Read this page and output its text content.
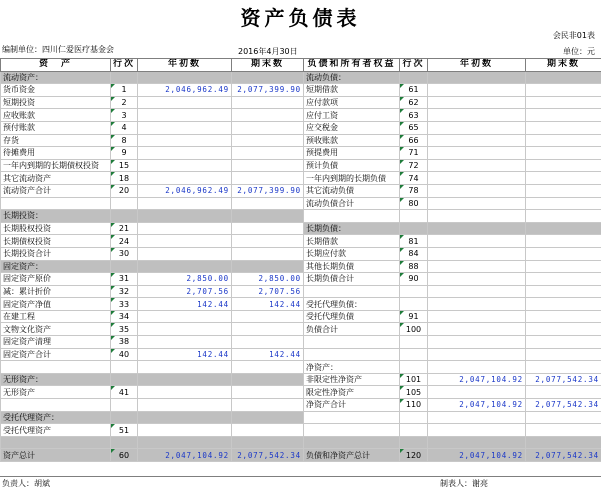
资产负债表
会民非01表
编制单位：四川仁爱医疗基金会	2016年4月30日	单位：元
资　产	行次	年初数	期末数	负债和所有者权益	行次	年初数	期末数
流动资产：				流动负债：			
货币资金	1	2,046,962.49	2,077,399.90	短期借款	61		
短期投资	2			应付款项	62		
应收账款	3			应付工资	63		
预付账款	4			应交税金	65		
存货	8			预收账款	66		
待摊费用	9			预提费用	71		
一年内到期的长期债权投资	15			预计负债	72		
其它流动资产	18			一年内到期的长期负债	74		
流动资产合计	20	2,046,962.49	2,077,399.90	其它流动负债	78		
				流动负债合计	80		
长期投资：							
长期股权投资	21			长期负债：			
长期债权投资	24			长期借款	81		
长期投资合计	30			长期应付款	84		
固定资产：				其他长期负债	88		
固定资产原价	31	2,850.00	2,850.00	长期负债合计	90		
减：累计折价	32	2,707.56	2,707.56				
固定资产净值	33	142.44	142.44	受托代理负债：			
在建工程	34			受托代理负债	91		
文物文化资产	35			负债合计	100		
固定资产清理	38						
固定资产合计	40	142.44	142.44				
				净资产：			
无形资产：				非限定性净资产	101	2,047,104.92	2,077,542.34
无形资产	41			限定性净资产	105		
				净资产合计	110	2,047,104.92	2,077,542.34
受托代理资产：							
受托代理资产	51						

资产总计	60	2,047,104.92	2,077,542.34	负债和净资产总计	120	2,047,104.92	2,077,542.34
负责人：胡斌	制表人：谢亮
